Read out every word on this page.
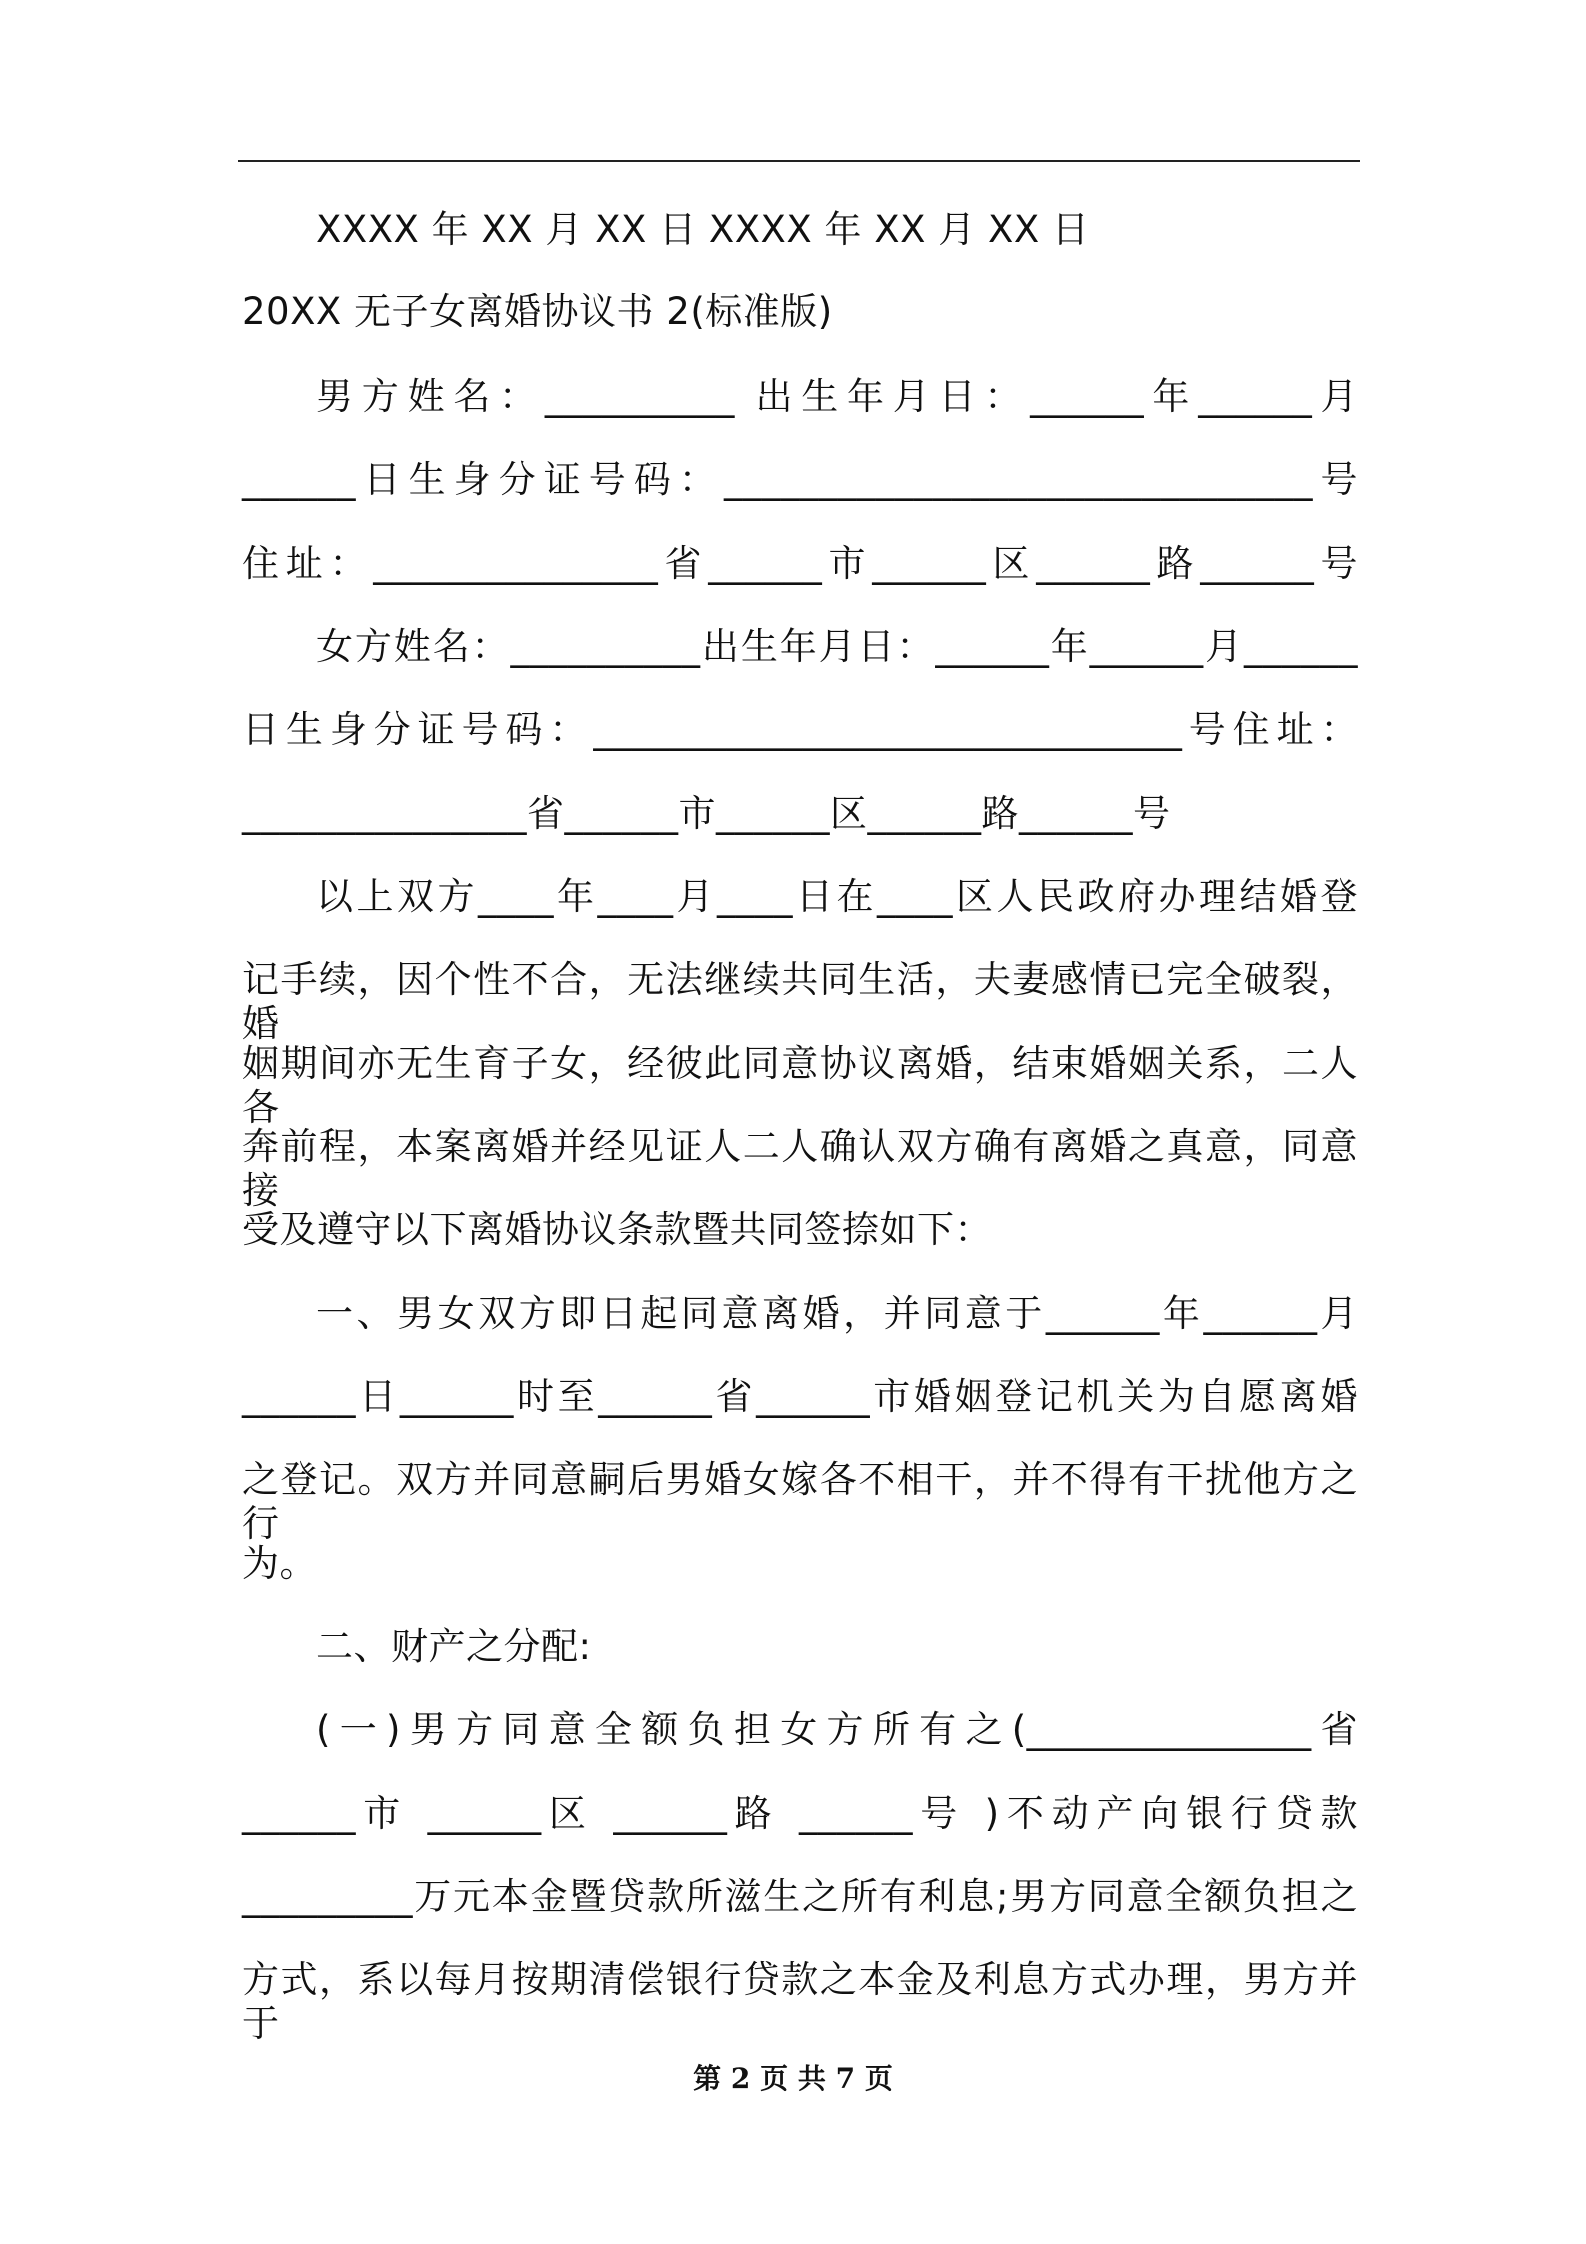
XXXX 年 XX 月 XX 日 XXXX 年 XX 月 XX 日
20XX 无子女离婚协议书 2(标准版)
男方姓名：__________ 出生年月日：______年______月
______日生身分证号码：_______________________________号
住址：_______________省______市______区______路______号
女方姓名：__________出生年月日：______年______月______
日生身分证号码：_______________________________号住址：
_______________省______市______区______路______号
以上双方____年____月____日在____区人民政府办理结婚登
记手续，因个性不合，无法继续共同生活，夫妻感情已完全破裂，婚
姻期间亦无生育子女，经彼此同意协议离婚，结束婚姻关系，二人各
奔前程，本案离婚并经见证人二人确认双方确有离婚之真意，同意接
受及遵守以下离婚协议条款暨共同签捺如下：
一、男女双方即日起同意离婚，并同意于______年______月
______日______时至______省______市婚姻登记机关为自愿离婚
之登记。双方并同意嗣后男婚女嫁各不相干，并不得有干扰他方之行
为。
二、财产之分配:
(一)男方同意全额负担女方所有之(_______________省
______市 ______区 ______路 ______号 )不动产向银行贷款
_________万元本金暨贷款所滋生之所有利息;男方同意全额负担之
方式，系以每月按期清偿银行贷款之本金及利息方式办理，男方并于
第 2 页 共 7 页
